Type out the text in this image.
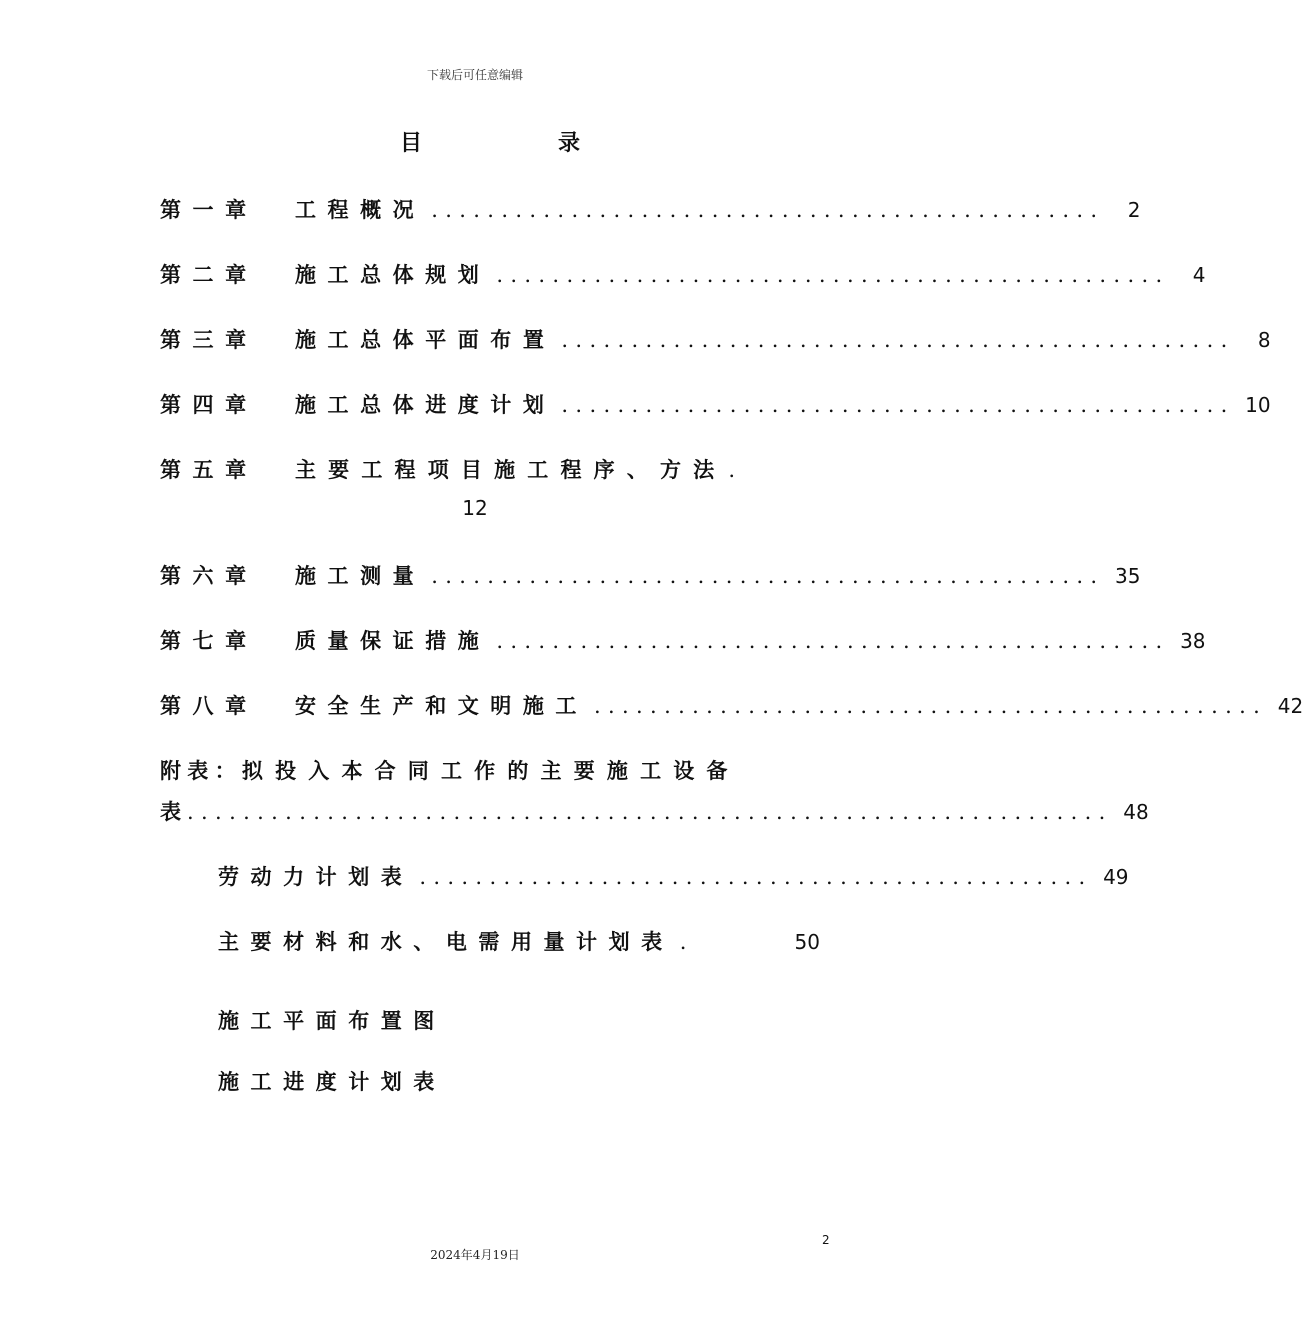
下载后可任意编辑
目	录
第一章	工程概况 ................................................	2
第二章	施工总体规划 ................................................	4
第三章	施工总体平面布置 ................................................	8
第四章	施工总体进度计划 ................................................ 10
第五章	主要工程项目施工程序、方法 .
12
第六章	施工测量 ................................................ 35
第七章	质量保证措施 ................................................ 38
第八章	安全生产和文明施工 ................................................ 42
附表： 拟投入本合同工作的主要施工设备
表 .................................................................. 48
劳动力计划表 ................................................ 49
主要材料和水、电需用量计划表 .	50
施工平面布置图
施工进度计划表
2
2024年4月19日
